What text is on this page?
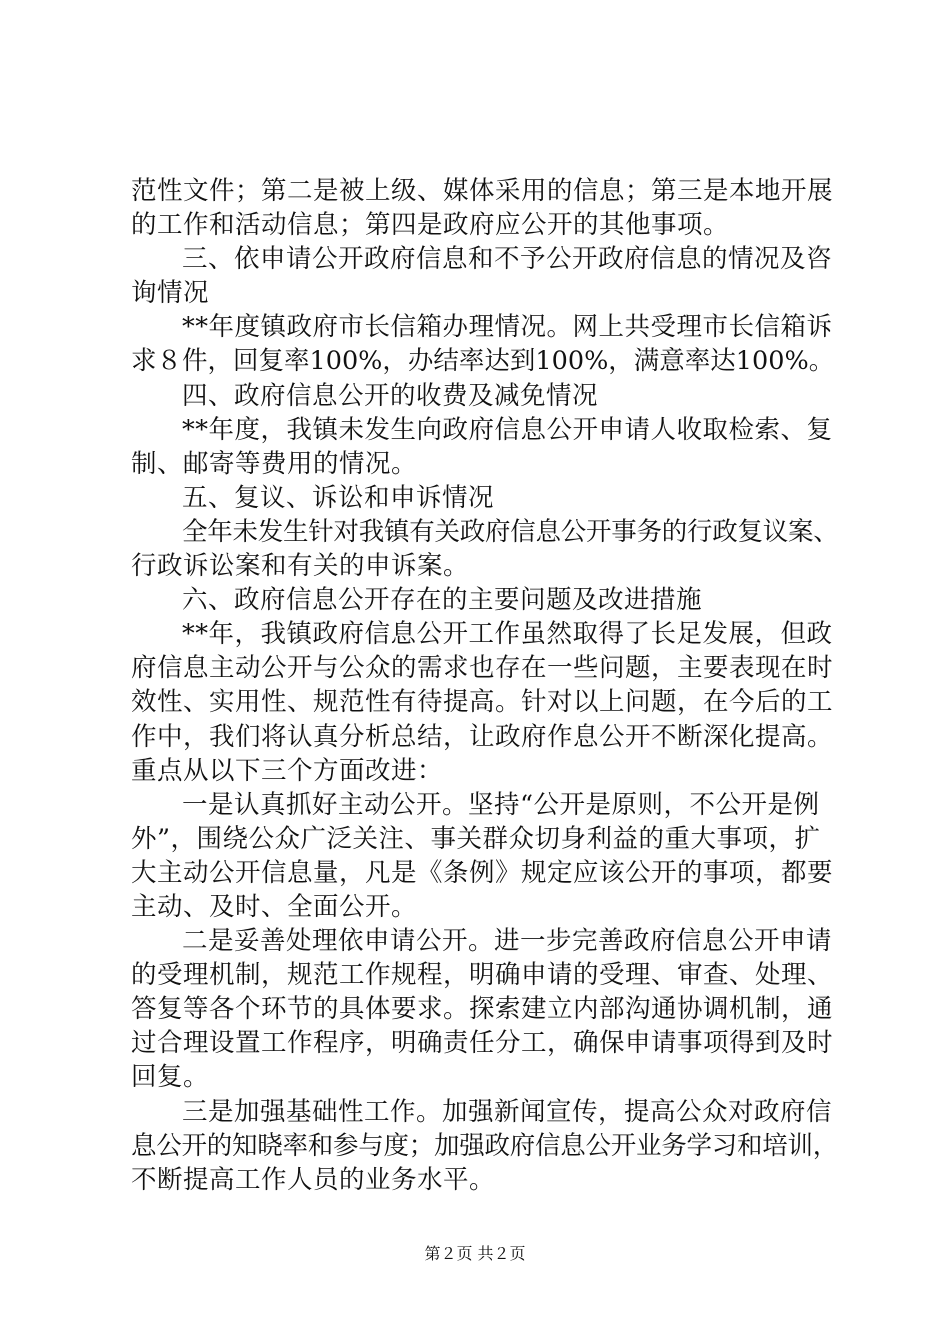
范性文件；第二是被上级、媒体采用的信息；第三是本地开展
的工作和活动信息；第四是政府应公开的其他事项。
三、依申请公开政府信息和不予公开政府信息的情况及咨
询情况
**年度镇政府市长信箱办理情况。网上共受理市长信箱诉
求８件，回复率100%，办结率达到100%，满意率达100%。
四、政府信息公开的收费及减免情况
**年度，我镇未发生向政府信息公开申请人收取检索、复
制、邮寄等费用的情况。
五、复议、诉讼和申诉情况
全年未发生针对我镇有关政府信息公开事务的行政复议案、
行政诉讼案和有关的申诉案。
六、政府信息公开存在的主要问题及改进措施
**年，我镇政府信息公开工作虽然取得了长足发展，但政
府信息主动公开与公众的需求也存在一些问题，主要表现在时
效性、实用性、规范性有待提高。针对以上问题，在今后的工
作中，我们将认真分析总结，让政府作息公开不断深化提高。
重点从以下三个方面改进：
一是认真抓好主动公开。坚持“公开是原则，不公开是例
外”，围绕公众广泛关注、事关群众切身利益的重大事项，扩
大主动公开信息量，凡是《条例》规定应该公开的事项，都要
主动、及时、全面公开。
二是妥善处理依申请公开。进一步完善政府信息公开申请
的受理机制，规范工作规程，明确申请的受理、审查、处理、
答复等各个环节的具体要求。探索建立内部沟通协调机制，通
过合理设置工作程序，明确责任分工，确保申请事项得到及时
回复。
三是加强基础性工作。加强新闻宣传，提高公众对政府信
息公开的知晓率和参与度；加强政府信息公开业务学习和培训，
不断提高工作人员的业务水平。
第２页 共２页
